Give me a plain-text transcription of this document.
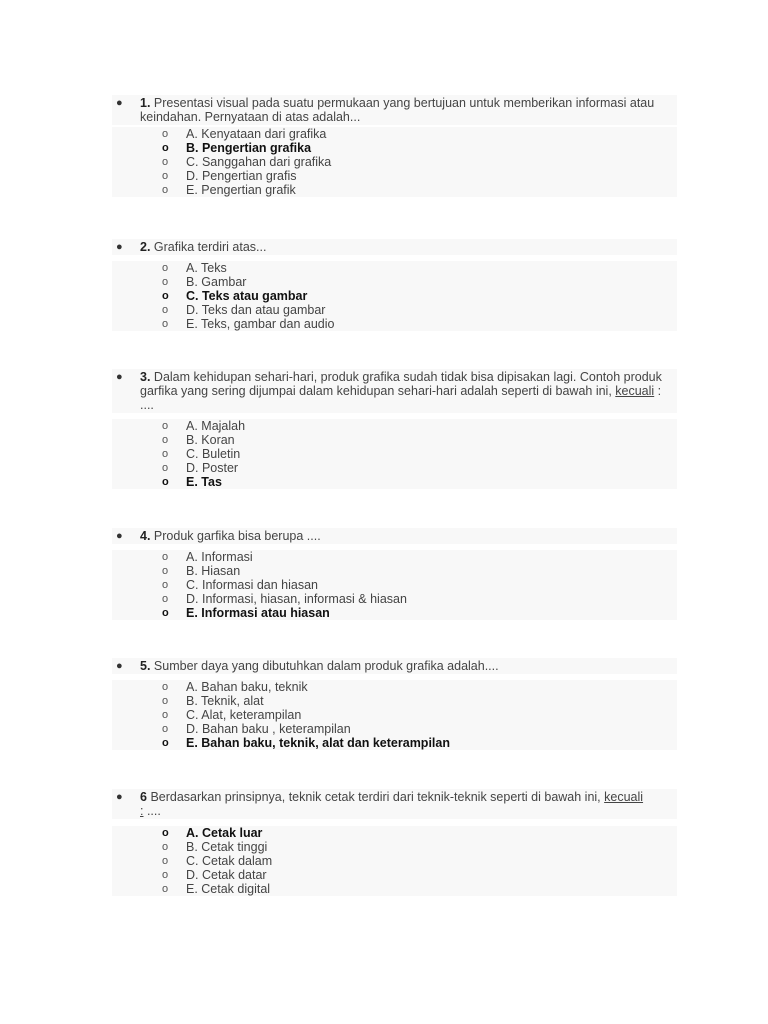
● 1. Presentasi visual pada suatu permukaan yang bertujuan untuk memberikan informasi atau keindahan. Pernyataan di atas adalah...
o A. Kenyataan dari grafika
o B. Pengertian grafika
o C. Sanggahan dari grafika
o D. Pengertian grafis
o E. Pengertian grafik
● 2. Grafika terdiri atas...
o A. Teks
o B. Gambar
o C. Teks atau gambar
o D. Teks dan atau gambar
o E. Teks, gambar dan audio
● 3. Dalam kehidupan sehari-hari, produk grafika sudah tidak bisa dipisakan lagi. Contoh produk garfika yang sering dijumpai dalam kehidupan sehari-hari adalah seperti di bawah ini, kecuali : ....
o A. Majalah
o B. Koran
o C. Buletin
o D. Poster
o E. Tas
● 4. Produk garfika bisa berupa ....
o A. Informasi
o B. Hiasan
o C. Informasi dan hiasan
o D. Informasi, hiasan, informasi & hiasan
o E. Informasi atau hiasan
● 5. Sumber daya yang dibutuhkan dalam produk grafika adalah....
o A. Bahan baku, teknik
o B. Teknik, alat
o C. Alat, keterampilan
o D. Bahan baku , keterampilan
o E. Bahan baku, teknik, alat dan keterampilan
● 6 Berdasarkan prinsipnya, teknik cetak terdiri dari teknik-teknik seperti di bawah ini, kecuali
: ....
o A. Cetak luar
o B. Cetak tinggi
o C. Cetak dalam
o D. Cetak datar
o E. Cetak digital
